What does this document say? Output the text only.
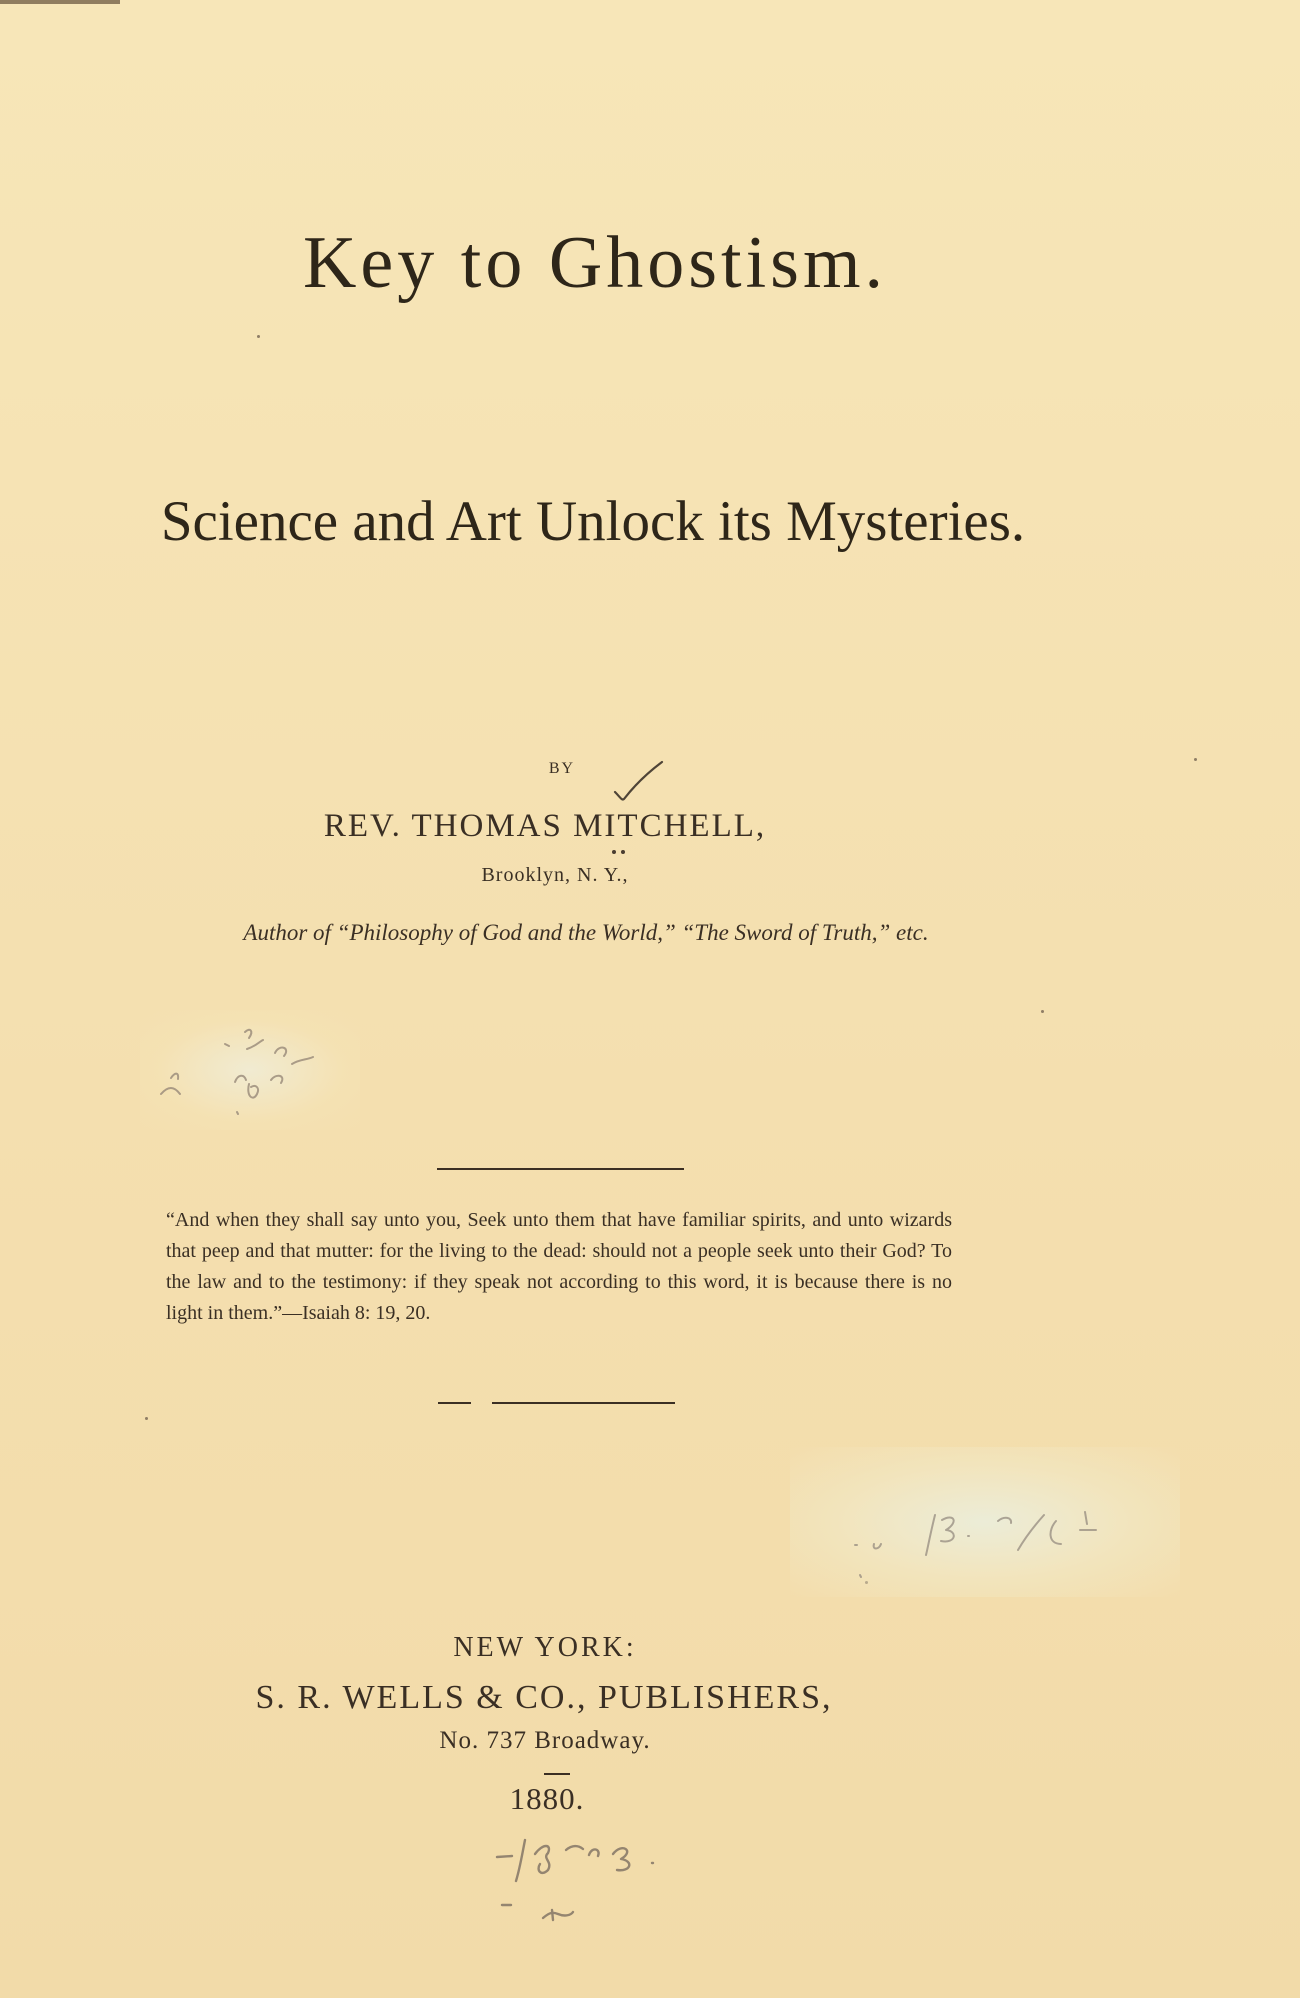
Key to Ghostism.
Science and Art Unlock its Mysteries.
BY
REV. THOMAS MITCHELL,
Brooklyn, N. Y.,
Author of “Philosophy of God and the World,” “The Sword of Truth,” etc.
“And when they shall say unto you, Seek unto them that have familiar spirits, and unto wizards that peep and that mutter: for the living to the dead: should not a people seek unto their God? To the law and to the testimony: if they speak not according to this word, it is because there is no light in them.”—Isaiah 8: 19, 20.
NEW YORK:
S. R. WELLS & CO., PUBLISHERS,
No. 737 Broadway.
1880.
